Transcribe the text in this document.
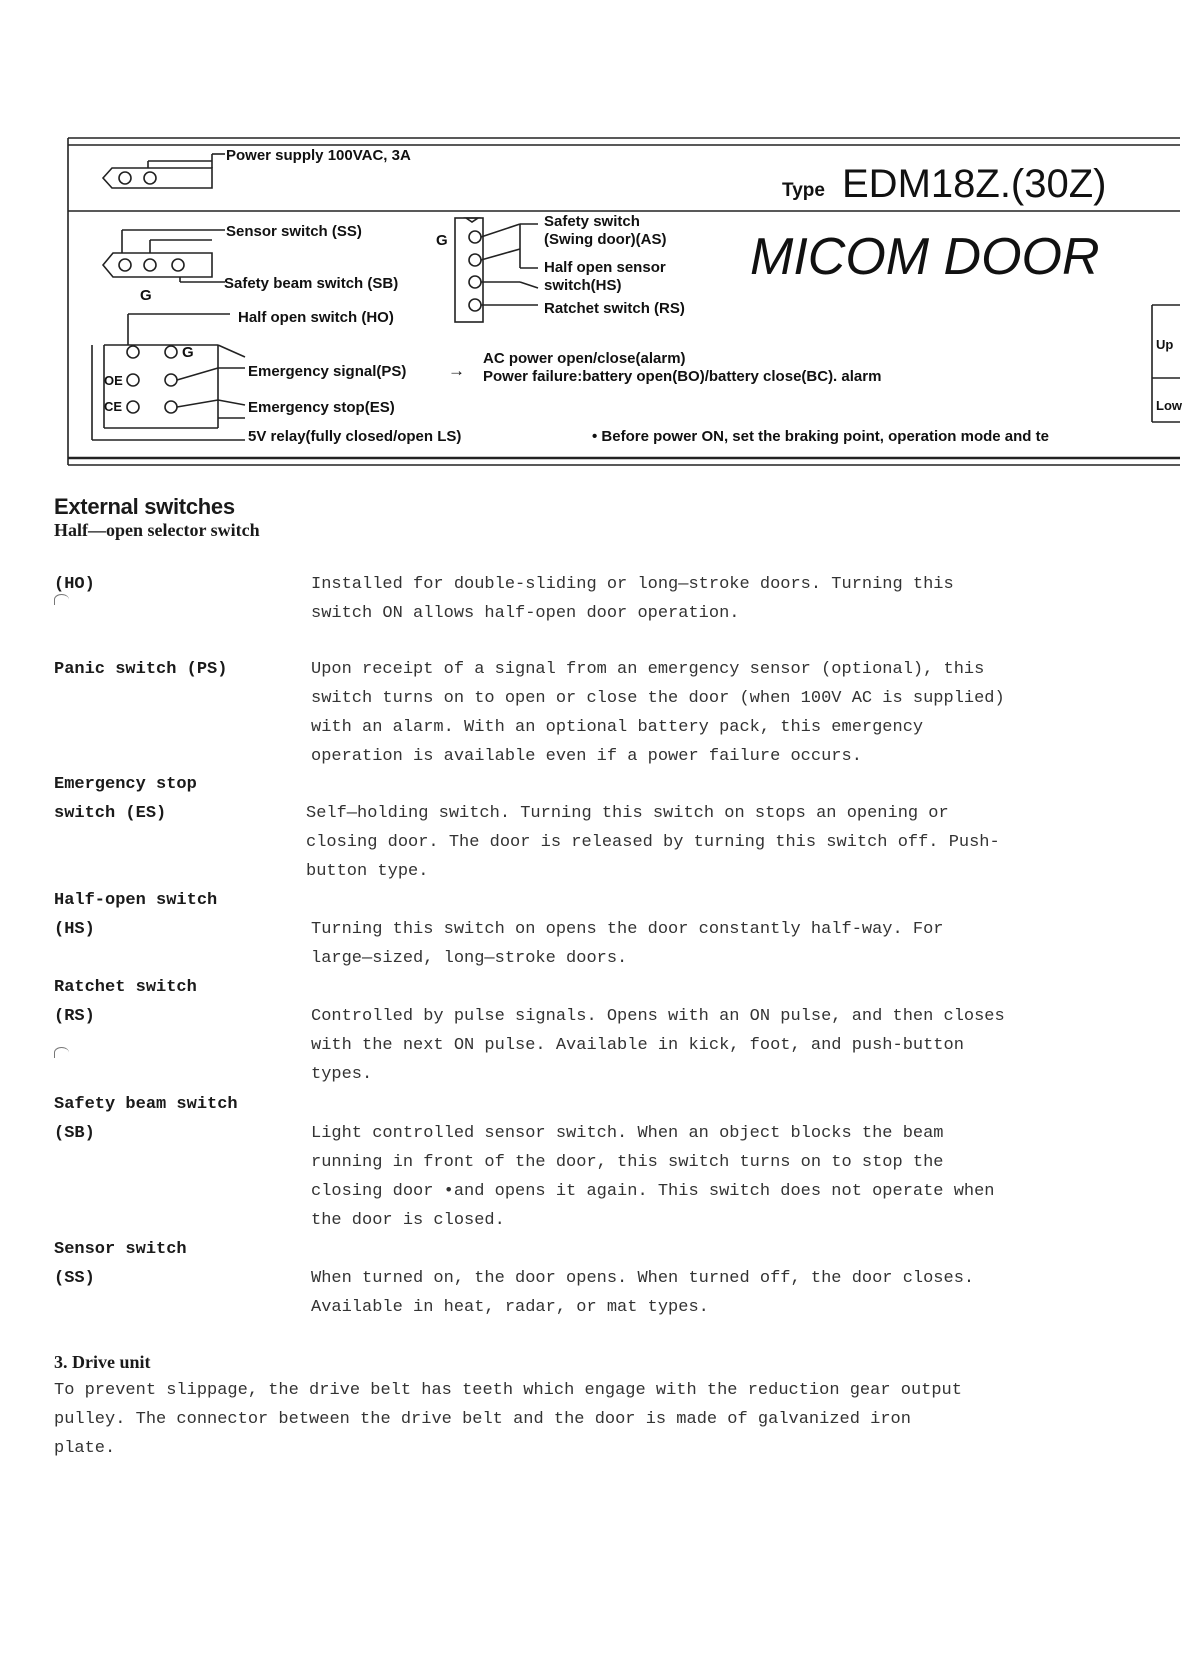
Power supply 100VAC, 3A
Type EDM18Z.(30Z)
MICOM DOOR
G
Sensor switch (SS)
Safety beam switch (SB)
Half open switch (HO)
G
Safety switch
(Swing door)(AS)
Half open sensor
switch(HS)
Ratchet switch (RS)
G
OE
CE
Emergency signal(PS) →
AC power open/close(alarm)
Power failure:battery open(BO)/battery close(BC). alarm
Emergency stop(ES)
5V relay(fully closed/open LS)	• Before power ON, set the braking point, operation mode and te
Up
Low
External switches
Half—open selector switch
(HO)	Installed for double-sliding or long—stroke doors. Turning this
switch ON allows half-open door operation.
Panic switch (PS)	Upon receipt of a signal from an emergency sensor (optional), this
switch turns on to open or close the door (when 100V AC is supplied)
with an alarm. With an optional battery pack, this emergency
operation is available even if a power failure occurs.
Emergency stop
switch (ES)	Self—holding switch. Turning this switch on stops an opening or
closing door. The door is released by turning this switch off. Push-
button type.
Half-open switch
(HS)	Turning this switch on opens the door constantly half-way. For
large—sized, long—stroke doors.
Ratchet switch
(RS)	Controlled by pulse signals. Opens with an ON pulse, and then closes
with the next ON pulse. Available in kick, foot, and push-button
types.
Safety beam switch
(SB)	Light controlled sensor switch. When an object blocks the beam
running in front of the door, this switch turns on to stop the
closing door •and opens it again. This switch does not operate when
the door is closed.
Sensor switch
(SS)	When turned on, the door opens. When turned off, the door closes.
Available in heat, radar, or mat types.
3. Drive unit
To prevent slippage, the drive belt has teeth which engage with the reduction gear output
pulley. The connector between the drive belt and the door is made of galvanized iron
plate.
